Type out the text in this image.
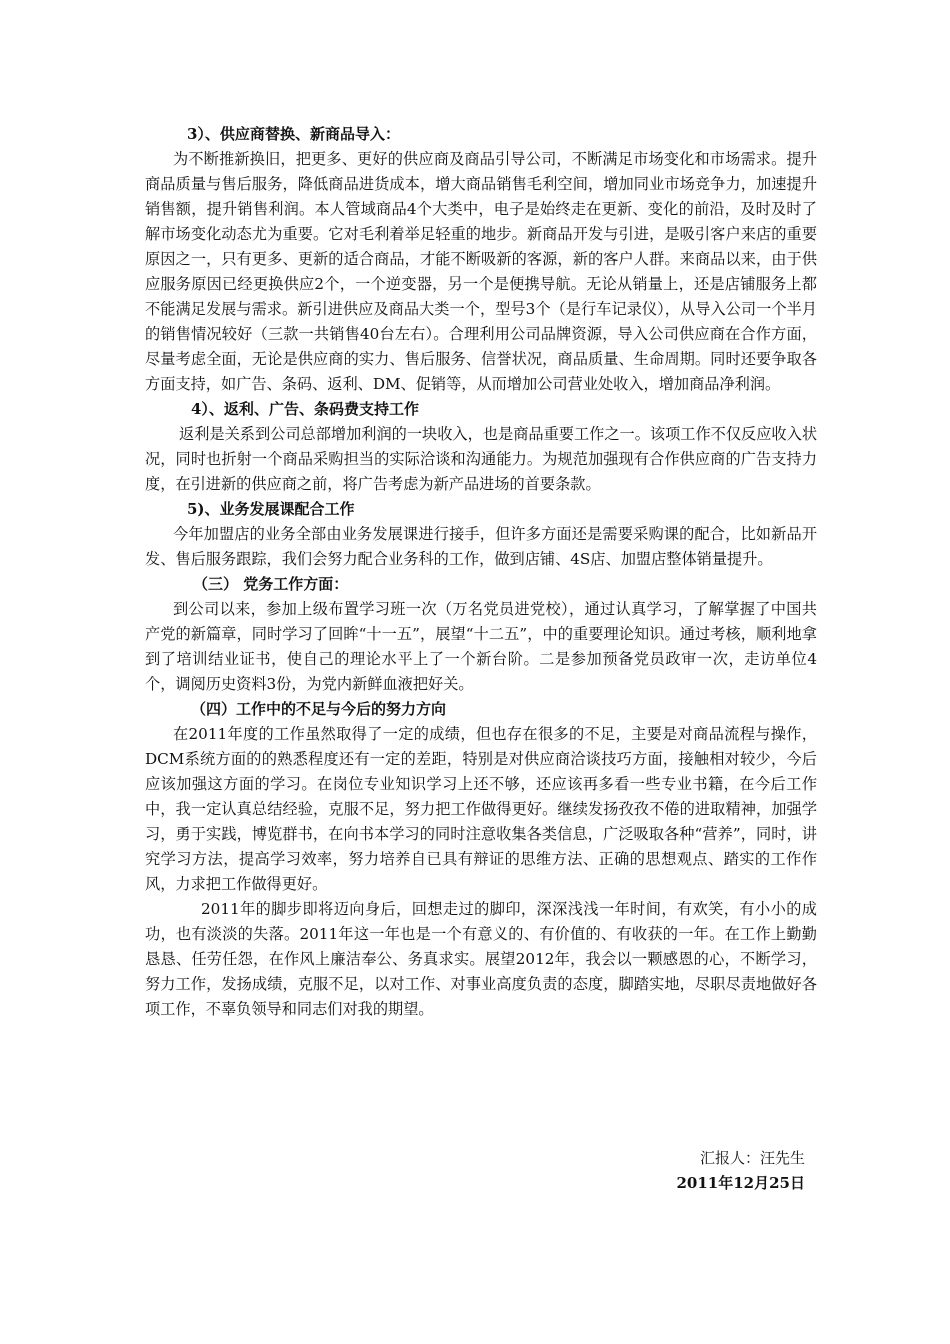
3）、供应商替换、新商品导入：

为不断推新换旧，把更多、更好的供应商及商品引导公司，不断满足市场变化和市场需求。提升商品质量与售后服务，降低商品进货成本，增大商品销售毛利空间，增加同业市场竞争力，加速提升销售额，提升销售利润。本人管域商品4个大类中，电子是始终走在更新、变化的前沿，及时及时了解市场变化动态尤为重要。它对毛利着举足轻重的地步。新商品开发与引进，是吸引客户来店的重要原因之一，只有更多、更新的适合商品，才能不断吸新的客源，新的客户人群。来商品以来，由于供应服务原因已经更换供应2个，一个逆变器，另一个是便携导航。无论从销量上，还是店铺服务上都不能满足发展与需求。新引进供应及商品大类一个，型号3个（是行车记录仪），从导入公司一个半月的销售情况较好（三款一共销售40台左右）。合理利用公司品牌资源，导入公司供应商在合作方面，尽量考虑全面，无论是供应商的实力、售后服务、信誉状况，商品质量、生命周期。同时还要争取各方面支持，如广告、条码、返利、DM、促销等，从而增加公司营业处收入，增加商品净利润。

4）、返利、广告、条码费支持工作

返利是关系到公司总部增加利润的一块收入，也是商品重要工作之一。该项工作不仅反应收入状况，同时也折射一个商品采购担当的实际洽谈和沟通能力。为规范加强现有合作供应商的广告支持力度，在引进新的供应商之前，将广告考虑为新产品进场的首要条款。

5)、业务发展课配合工作

今年加盟店的业务全部由业务发展课进行接手，但许多方面还是需要采购课的配合，比如新品开发、售后服务跟踪，我们会努力配合业务科的工作，做到店铺、4S店、加盟店整体销量提升。

（三） 党务工作方面：

到公司以来，参加上级布置学习班一次（万名党员进党校），通过认真学习，了解掌握了中国共产党的新篇章，同时学习了回眸“十一五”，展望“十二五”，中的重要理论知识。通过考核，顺利地拿到了培训结业证书，使自己的理论水平上了一个新台阶。二是参加预备党员政审一次，走访单位4个，调阅历史资料3份，为党内新鲜血液把好关。

（四）工作中的不足与今后的努力方向

在2011年度的工作虽然取得了一定的成绩，但也存在很多的不足，主要是对商品流程与操作，DCM系统方面的的熟悉程度还有一定的差距，特别是对供应商洽谈技巧方面，接触相对较少，今后应该加强这方面的学习。在岗位专业知识学习上还不够，还应该再多看一些专业书籍，在今后工作中，我一定认真总结经验，克服不足，努力把工作做得更好。继续发扬孜孜不倦的进取精神，加强学习，勇于实践，博览群书，在向书本学习的同时注意收集各类信息，广泛吸取各种“营养”，同时，讲究学习方法，提高学习效率，努力培养自已具有辩证的思维方法、正确的思想观点、踏实的工作作风，力求把工作做得更好。

2011年的脚步即将迈向身后，回想走过的脚印，深深浅浅一年时间，有欢笑，有小小的成功，也有淡淡的失落。2011年这一年也是一个有意义的、有价值的、有收获的一年。在工作上勤勤恳恳、任劳任怨，在作风上廉洁奉公、务真求实。展望2012年，我会以一颗感恩的心，不断学习，努力工作，发扬成绩，克服不足，以对工作、对事业高度负责的态度，脚踏实地，尽职尽责地做好各项工作，不辜负领导和同志们对我的期望。

汇报人：汪先生
2011年12月25日
